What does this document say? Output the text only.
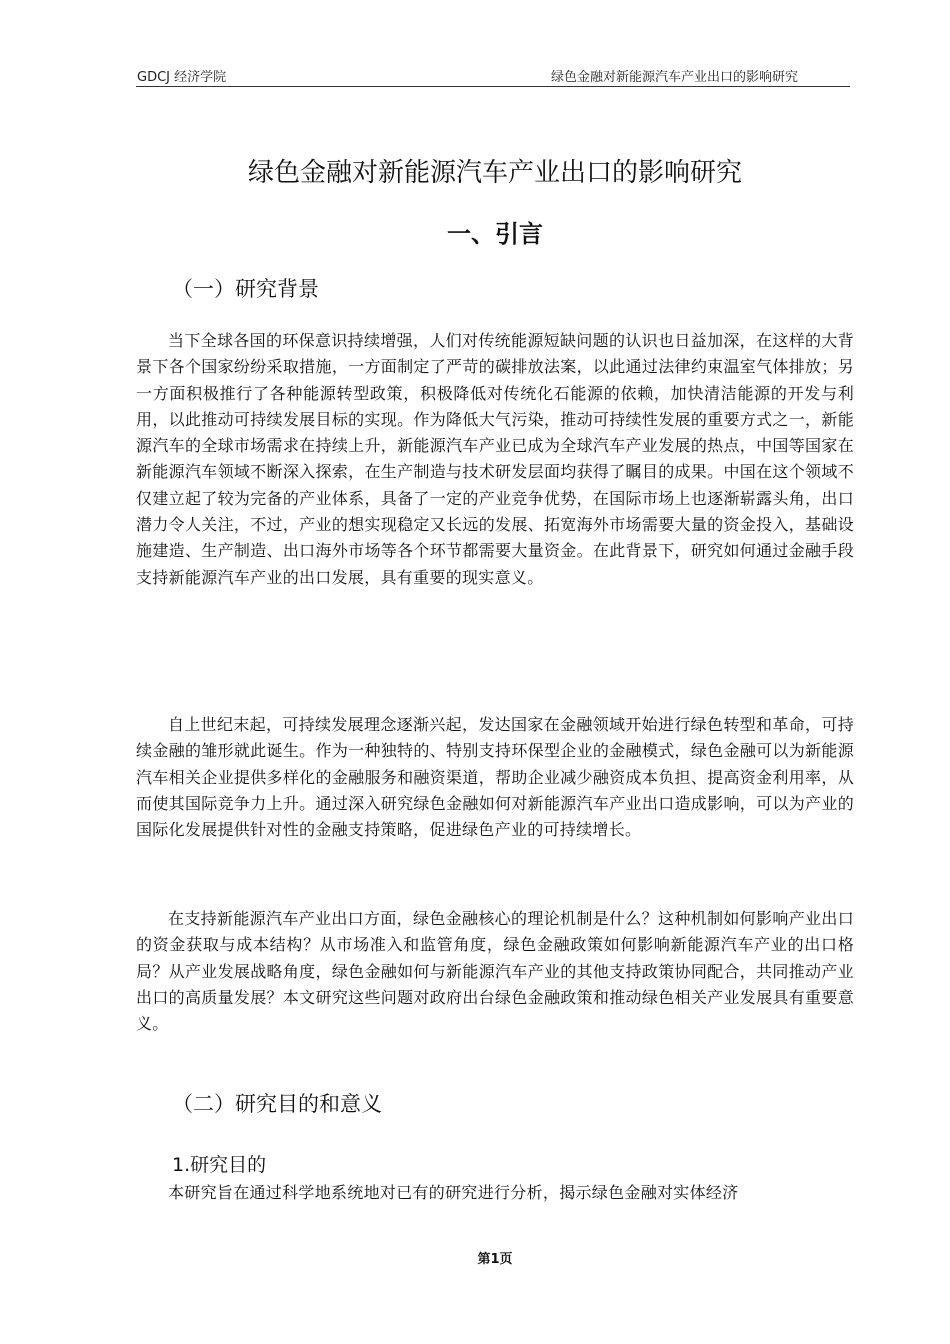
GDCJ 经济学院	绿色金融对新能源汽车产业出口的影响研究
绿色金融对新能源汽车产业出口的影响研究
一、引言
（一）研究背景
当下全球各国的环保意识持续增强，人们对传统能源短缺问题的认识也日益加深，在这样的大背景下各个国家纷纷采取措施，一方面制定了严苛的碳排放法案，以此通过法律约束温室气体排放；另一方面积极推行了各种能源转型政策，积极降低对传统化石能源的依赖，加快清洁能源的开发与利用，以此推动可持续发展目标的实现。作为降低大气污染，推动可持续性发展的重要方式之一，新能源汽车的全球市场需求在持续上升，新能源汽车产业已成为全球汽车产业发展的热点，中国等国家在新能源汽车领域不断深入探索，在生产制造与技术研发层面均获得了瞩目的成果。中国在这个领域不仅建立起了较为完备的产业体系，具备了一定的产业竞争优势，在国际市场上也逐渐崭露头角，出口潜力令人关注，不过，产业的想实现稳定又长远的发展、拓宽海外市场需要大量的资金投入，基础设施建造、生产制造、出口海外市场等各个环节都需要大量资金。在此背景下，研究如何通过金融手段支持新能源汽车产业的出口发展，具有重要的现实意义。
自上世纪末起，可持续发展理念逐渐兴起，发达国家在金融领域开始进行绿色转型和革命，可持续金融的雏形就此诞生。作为一种独特的、特别支持环保型企业的金融模式，绿色金融可以为新能源汽车相关企业提供多样化的金融服务和融资渠道，帮助企业减少融资成本负担、提高资金利用率，从而使其国际竞争力上升。通过深入研究绿色金融如何对新能源汽车产业出口造成影响，可以为产业的国际化发展提供针对性的金融支持策略，促进绿色产业的可持续增长。
在支持新能源汽车产业出口方面，绿色金融核心的理论机制是什么？这种机制如何影响产业出口的资金获取与成本结构？从市场准入和监管角度，绿色金融政策如何影响新能源汽车产业的出口格局？从产业发展战略角度，绿色金融如何与新能源汽车产业的其他支持政策协同配合，共同推动产业出口的高质量发展？本文研究这些问题对政府出台绿色金融政策和推动绿色相关产业发展具有重要意义。
（二）研究目的和意义
1.研究目的
本研究旨在通过科学地系统地对已有的研究进行分析，揭示绿色金融对实体经济
第1页
